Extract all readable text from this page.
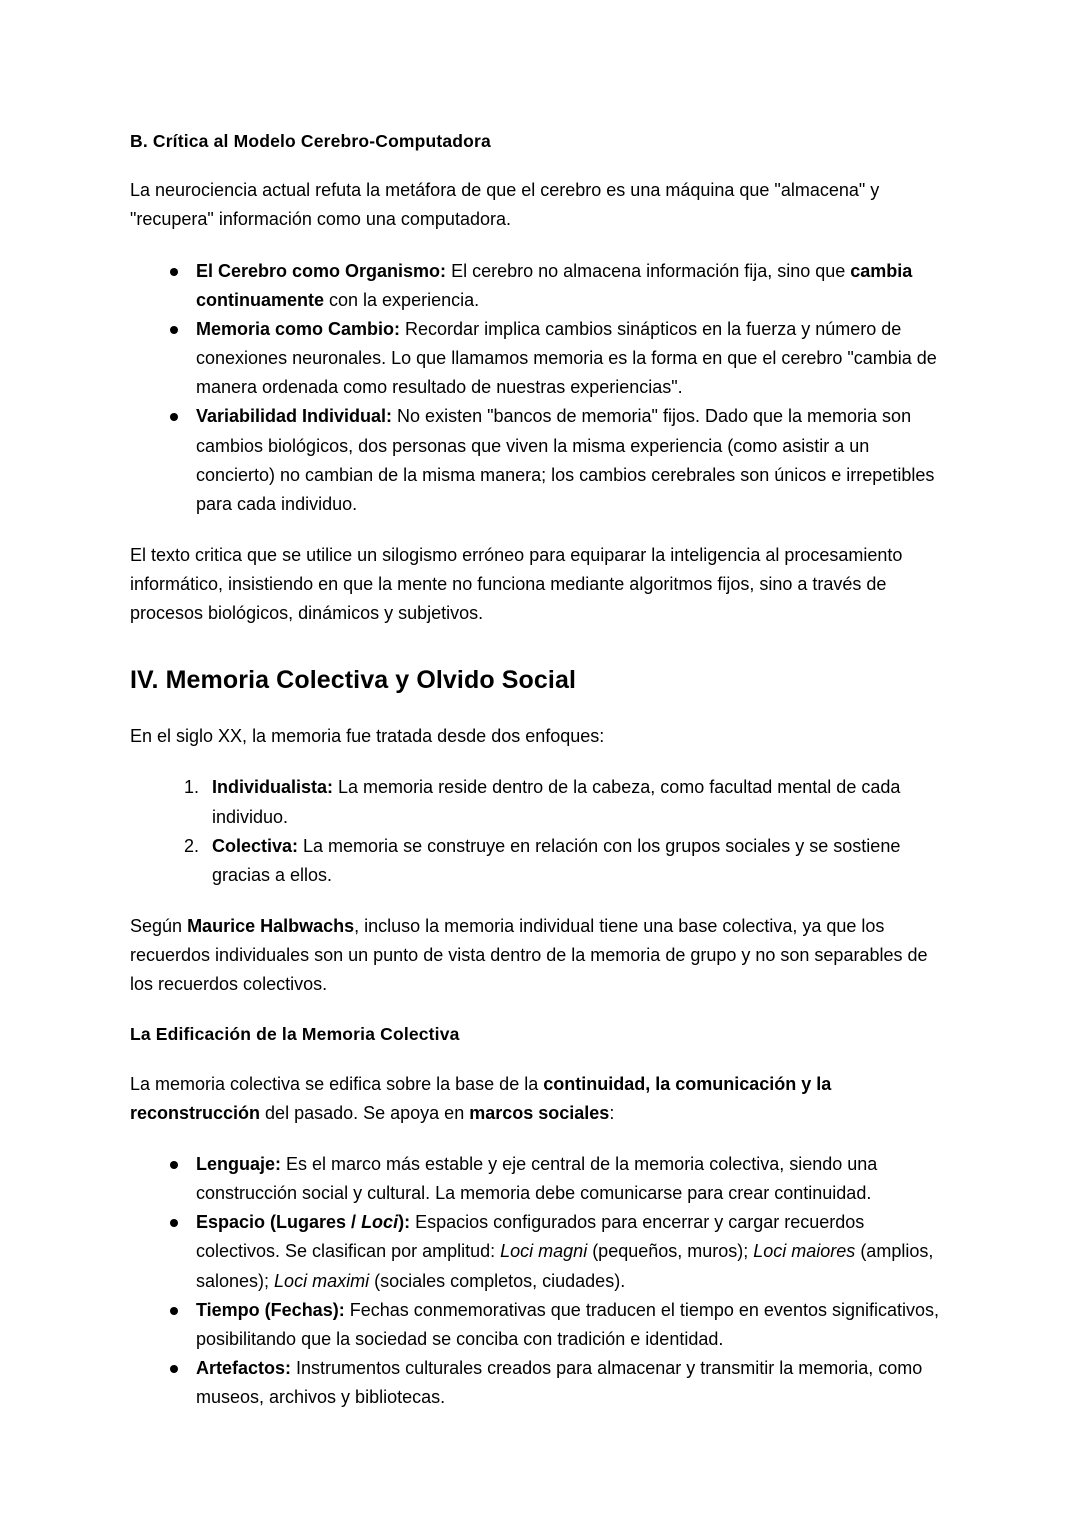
B. Crítica al Modelo Cerebro-Computadora

La neurociencia actual refuta la metáfora de que el cerebro es una máquina que "almacena" y "recupera" información como una computadora.

El Cerebro como Organismo: El cerebro no almacena información fija, sino que cambia continuamente con la experiencia.
Memoria como Cambio: Recordar implica cambios sinápticos en la fuerza y número de conexiones neuronales. Lo que llamamos memoria es la forma en que el cerebro "cambia de manera ordenada como resultado de nuestras experiencias".
Variabilidad Individual: No existen "bancos de memoria" fijos. Dado que la memoria son cambios biológicos, dos personas que viven la misma experiencia (como asistir a un concierto) no cambian de la misma manera; los cambios cerebrales son únicos e irrepetibles para cada individuo.

El texto critica que se utilice un silogismo erróneo para equiparar la inteligencia al procesamiento informático, insistiendo en que la mente no funciona mediante algoritmos fijos, sino a través de procesos biológicos, dinámicos y subjetivos.

IV. Memoria Colectiva y Olvido Social

En el siglo XX, la memoria fue tratada desde dos enfoques:

1. Individualista: La memoria reside dentro de la cabeza, como facultad mental de cada individuo.
2. Colectiva: La memoria se construye en relación con los grupos sociales y se sostiene gracias a ellos.

Según Maurice Halbwachs, incluso la memoria individual tiene una base colectiva, ya que los recuerdos individuales son un punto de vista dentro de la memoria de grupo y no son separables de los recuerdos colectivos.

La Edificación de la Memoria Colectiva

La memoria colectiva se edifica sobre la base de la continuidad, la comunicación y la reconstrucción del pasado. Se apoya en marcos sociales:

Lenguaje: Es el marco más estable y eje central de la memoria colectiva, siendo una construcción social y cultural. La memoria debe comunicarse para crear continuidad.
Espacio (Lugares / Loci): Espacios configurados para encerrar y cargar recuerdos colectivos. Se clasifican por amplitud: Loci magni (pequeños, muros); Loci maiores (amplios, salones); Loci maximi (sociales completos, ciudades).
Tiempo (Fechas): Fechas conmemorativas que traducen el tiempo en eventos significativos, posibilitando que la sociedad se conciba con tradición e identidad.
Artefactos: Instrumentos culturales creados para almacenar y transmitir la memoria, como museos, archivos y bibliotecas.
